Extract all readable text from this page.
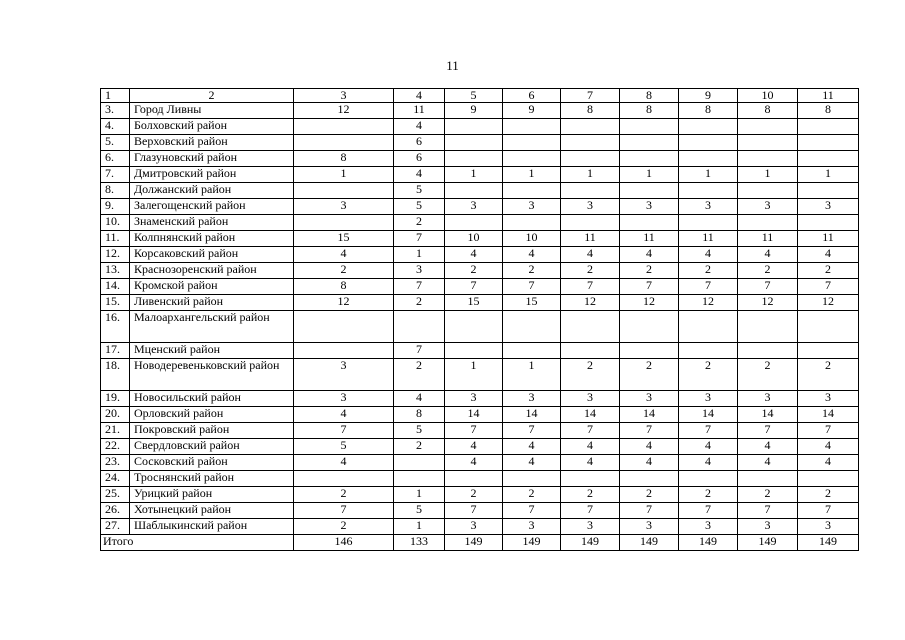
11
1	2	3	4	5	6	7	8	9	10	11
3.	Город Ливны	12	11	9	9	8	8	8	8	8
4.	Болховский район		4							
5.	Верховский район		6							
6.	Глазуновский район	8	6							
7.	Дмитровский район	1	4	1	1	1	1	1	1	1
8.	Должанский район		5							
9.	Залегощенский район	3	5	3	3	3	3	3	3	3
10.	Знаменский район		2							
11.	Колпнянский район	15	7	10	10	11	11	11	11	11
12.	Корсаковский район	4	1	4	4	4	4	4	4	4
13.	Краснозоренский район	2	3	2	2	2	2	2	2	2
14.	Кромской район	8	7	7	7	7	7	7	7	7
15.	Ливенский район	12	2	15	15	12	12	12	12	12
16.	Малоархангельский район									
17.	Мценский район		7							
18.	Новодеревеньковский район	3	2	1	1	2	2	2	2	2
19.	Новосильский район	3	4	3	3	3	3	3	3	3
20.	Орловский район	4	8	14	14	14	14	14	14	14
21.	Покровский район	7	5	7	7	7	7	7	7	7
22.	Свердловский район	5	2	4	4	4	4	4	4	4
23.	Сосковский район	4		4	4	4	4	4	4	4
24.	Троснянский район									
25.	Урицкий район	2	1	2	2	2	2	2	2	2
26.	Хотынецкий район	7	5	7	7	7	7	7	7	7
27.	Шаблыкинский район	2	1	3	3	3	3	3	3	3
Итого		146	133	149	149	149	149	149	149	149
